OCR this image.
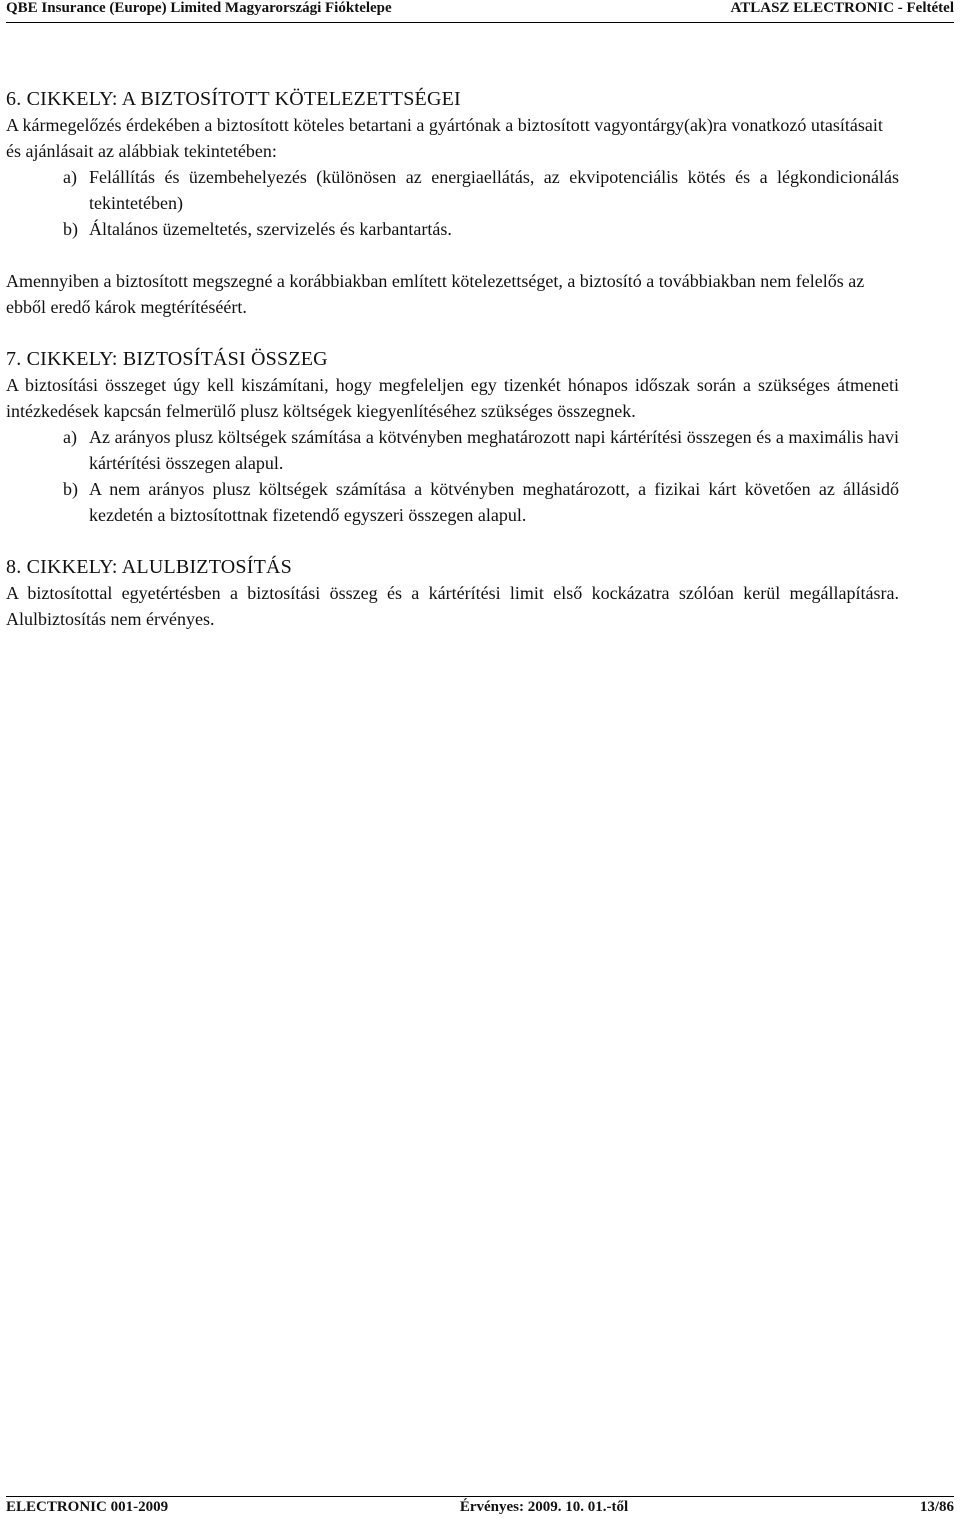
QBE Insurance (Europe) Limited Magyarországi Fióktelepe	ATLASZ ELECTRONIC - Feltétel

6. CIKKELY: A BIZTOSÍTOTT KÖTELEZETTSÉGEI

A kármegelőzés érdekében a biztosított köteles betartani a gyártónak a biztosított vagyontárgy(ak)ra vonatkozó utasításait és ajánlásait az alábbiak tekintetében:

a) Felállítás és üzembehelyezés (különösen az energiaellátás, az ekvipotenciális kötés és a légkondicionálás tekintetében)
b) Általános üzemeltetés, szervizelés és karbantartás.

Amennyiben a biztosított megszegné a korábbiakban említett kötelezettséget, a biztosító a továbbiakban nem felelős az ebből eredő károk megtérítéséért.

7. CIKKELY: BIZTOSÍTÁSI ÖSSZEG

A biztosítási összeget úgy kell kiszámítani, hogy megfeleljen egy tizenkét hónapos időszak során a szükséges átmeneti intézkedések kapcsán felmerülő plusz költségek kiegyenlítéséhez szükséges összegnek.

a) Az arányos plusz költségek számítása a kötvényben meghatározott napi kártérítési összegen és a maximális havi kártérítési összegen alapul.
b) A nem arányos plusz költségek számítása a kötvényben meghatározott, a fizikai kárt követően az állásidő kezdetén a biztosítottnak fizetendő egyszeri összegen alapul.

8. CIKKELY: ALULBIZTOSÍTÁS

A biztosítottal egyetértésben a biztosítási összeg és a kártérítési limit első kockázatra szólóan kerül megállapításra. Alulbiztosítás nem érvényes.

ELECTRONIC 001-2009	Érvényes: 2009. 10. 01.-től	13/86
